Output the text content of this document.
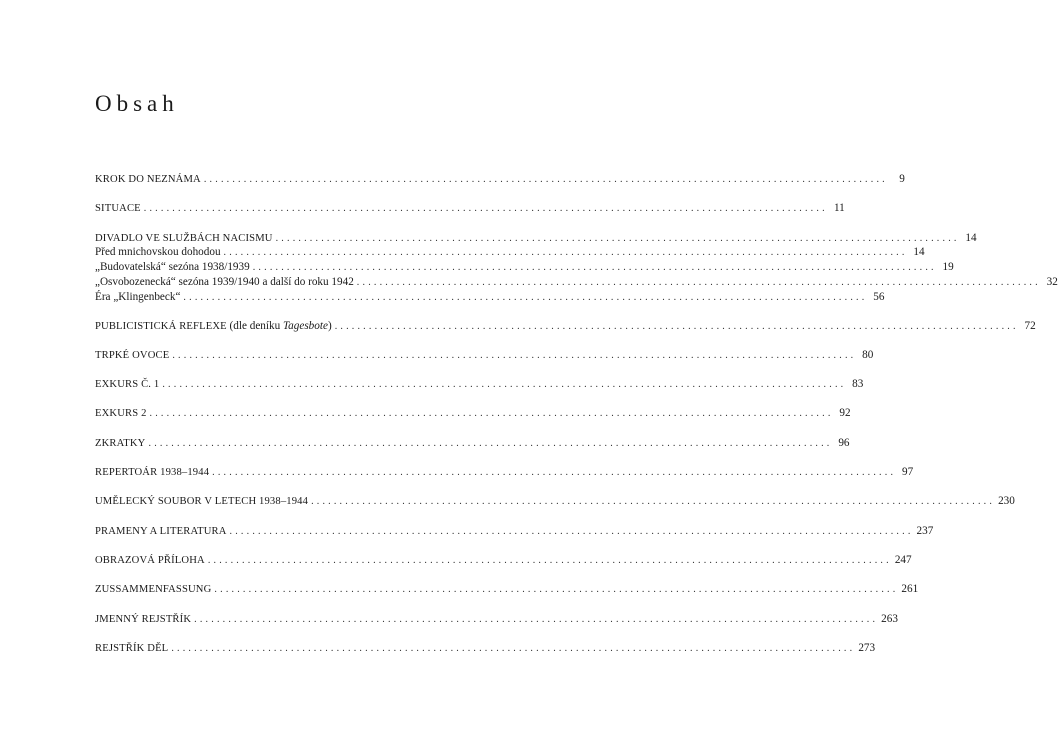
Obsah
KROK DO NEZNÁMA ........................................................................................................................	9
SITUACE ........................................................................................................................ 11
DIVADLO VE SLUŽBÁCH NACISMU ........................................................................................................................ 14
Před mnichovskou dohodou ........................................................................................................................ 14
„Budovatelská“ sezóna 1938/1939 ........................................................................................................................ 19
„Osvobozenecká“ sezóna 1939/1940 a další do roku 1942 ........................................................................................................................ 32
Éra „Klingenbeck“ ........................................................................................................................ 56
PUBLICISTICKÁ REFLEXE (dle deníku Tagesbote) ........................................................................................................................ 72
TRPKÉ OVOCE ........................................................................................................................ 80
EXKURS Č. 1 ........................................................................................................................ 83
EXKURS 2 ........................................................................................................................ 92
ZKRATKY ........................................................................................................................ 96
REPERTOÁR 1938–1944 ........................................................................................................................ 97
UMĚLECKÝ SOUBOR V LETECH 1938–1944 ........................................................................................................................ 230
PRAMENY A LITERATURA ........................................................................................................................ 237
OBRAZOVÁ PŘÍLOHA ........................................................................................................................ 247
ZUSSAMMENFASSUNG ........................................................................................................................ 261
JMENNÝ REJSTŘÍK ........................................................................................................................ 263
REJSTŘÍK DĚL ........................................................................................................................ 273
